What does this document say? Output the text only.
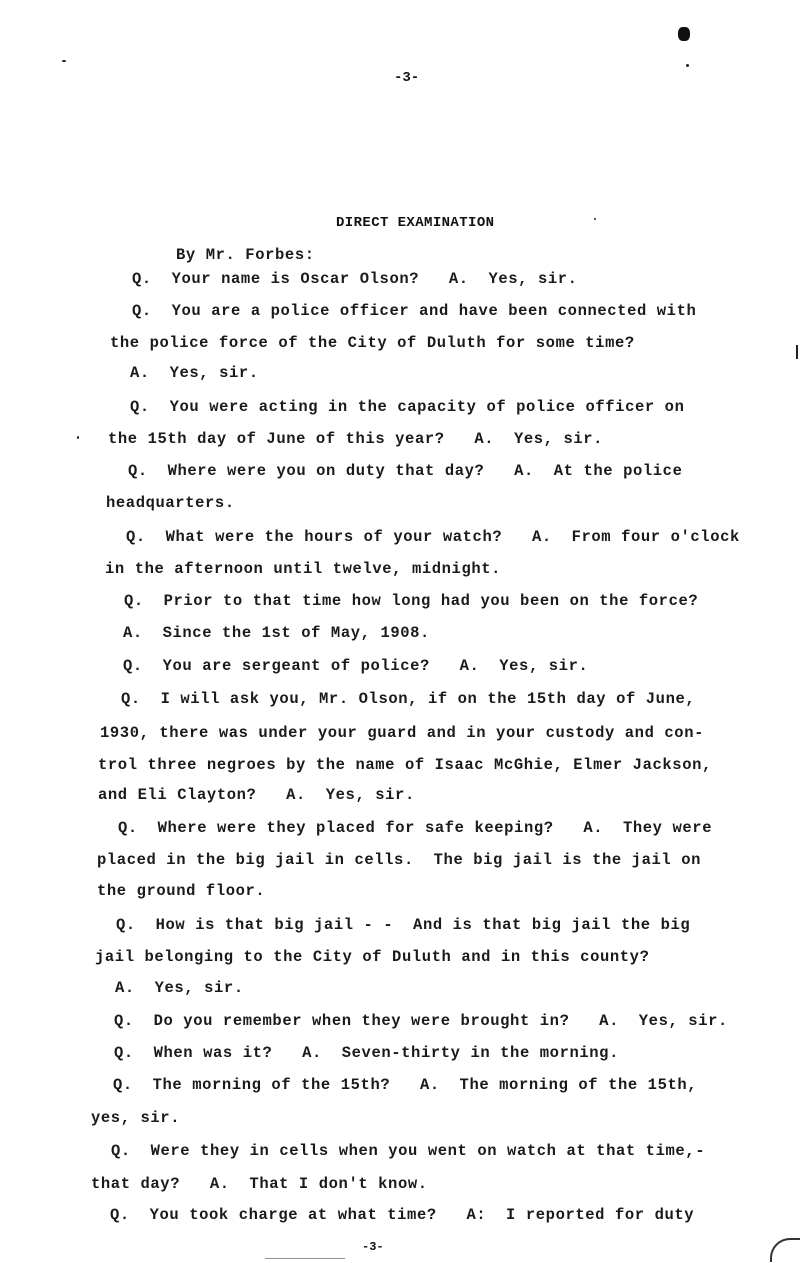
-3-
DIRECT EXAMINATION
By Mr. Forbes:
Q.  Your name is Oscar Olson?   A.  Yes, sir.
Q.  You are a police officer and have been connected with
the police force of the City of Duluth for some time?
A.  Yes, sir.
Q.  You were acting in the capacity of police officer on
the 15th day of June of this year?   A.  Yes, sir.
Q.  Where were you on duty that day?   A.  At the police
headquarters.
Q.  What were the hours of your watch?   A.  From four o'clock
in the afternoon until twelve, midnight.
Q.  Prior to that time how long had you been on the force?
A.  Since the 1st of May, 1908.
Q.  You are sergeant of police?   A.  Yes, sir.
Q.  I will ask you, Mr. Olson, if on the 15th day of June,
1930, there was under your guard and in your custody and con-
trol three negroes by the name of Isaac McGhie, Elmer Jackson,
and Eli Clayton?   A.  Yes, sir.
Q.  Where were they placed for safe keeping?   A.  They were
placed in the big jail in cells.  The big jail is the jail on
the ground floor.
Q.  How is that big jail - -  And is that big jail the big
jail belonging to the City of Duluth and in this county?
A.  Yes, sir.
Q.  Do you remember when they were brought in?   A.  Yes, sir.
Q.  When was it?   A.  Seven-thirty in the morning.
Q.  The morning of the 15th?   A.  The morning of the 15th,
yes, sir.
Q.  Were they in cells when you went on watch at that time,-
that day?   A.  That I don't know.
Q.  You took charge at what time?   A:  I reported for duty
-3-
